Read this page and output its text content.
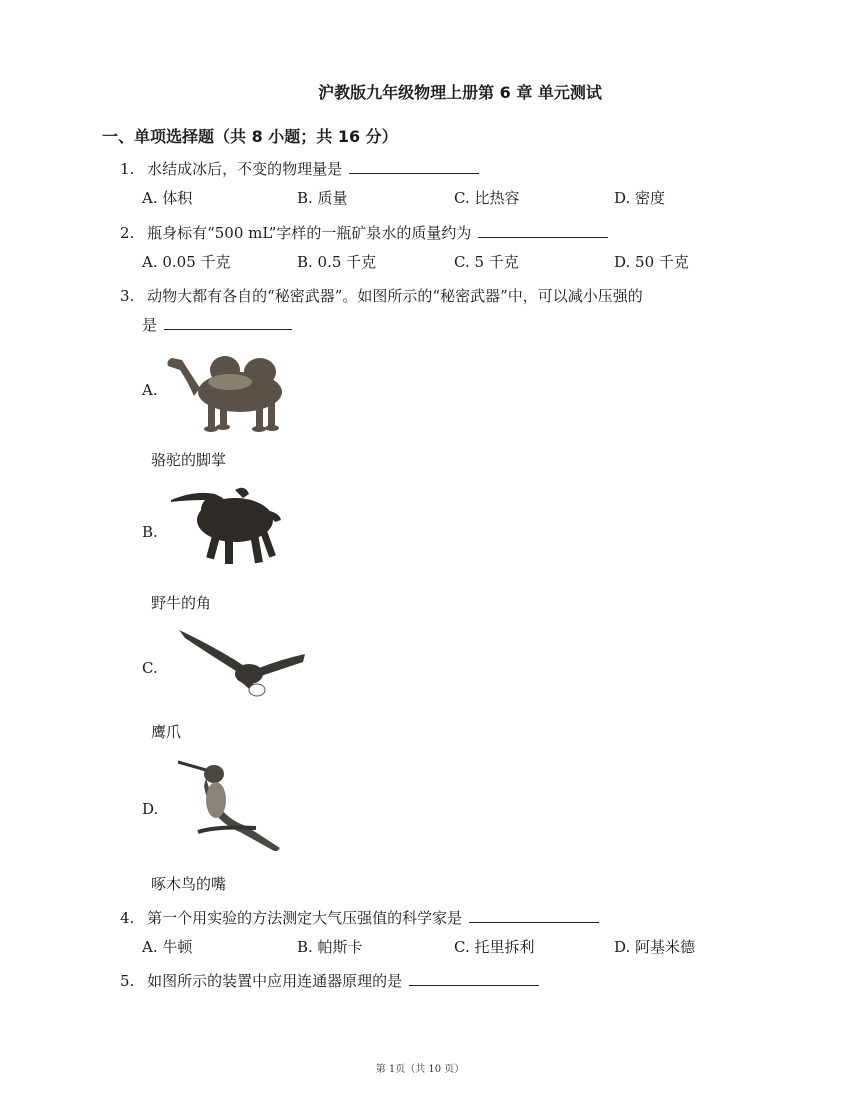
沪教版九年级物理上册第 6 章 单元测试
一、单项选择题（共 8 小题；共 16 分）
1. 水结成冰后，不变的物理量是
A. 体积	B. 质量	C. 比热容	D. 密度
2. 瓶身标有“500 mL”字样的一瓶矿泉水的质量约为
A. 0.05 千克	B. 0.5 千克	C. 5 千克	D. 50 千克
3. 动物大都有各自的“秘密武器”。如图所示的“秘密武器”中，可以减小压强的
是
A.
骆驼的脚掌
B.
野牛的角
C.
鹰爪
D.
啄木鸟的嘴
4. 第一个用实验的方法测定大气压强值的科学家是
A. 牛顿	B. 帕斯卡	C. 托里拆利	D. 阿基米德
5. 如图所示的装置中应用连通器原理的是
第 1页（共 10 页）
